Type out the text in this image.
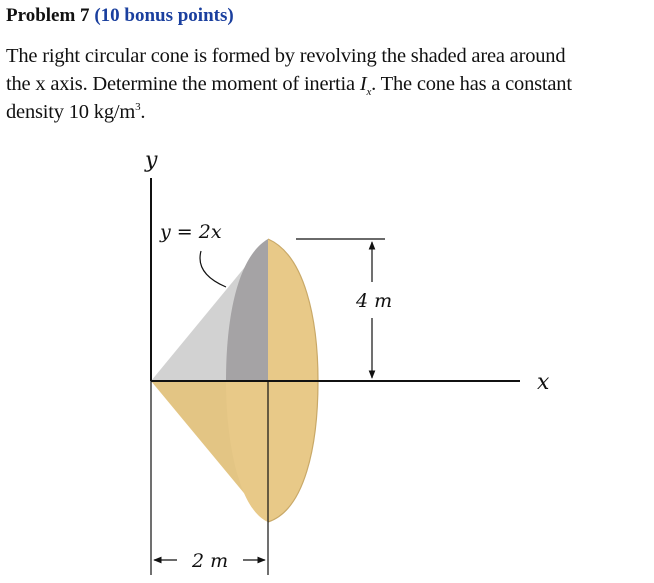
Problem 7 (10 bonus points)
The right circular cone is formed by revolving the shaded area around
the x axis. Determine the moment of inertia $I_x$. The cone has a constant
density 10 $kg/m^3$.
y
x
y = 2x
4 m
2 m
